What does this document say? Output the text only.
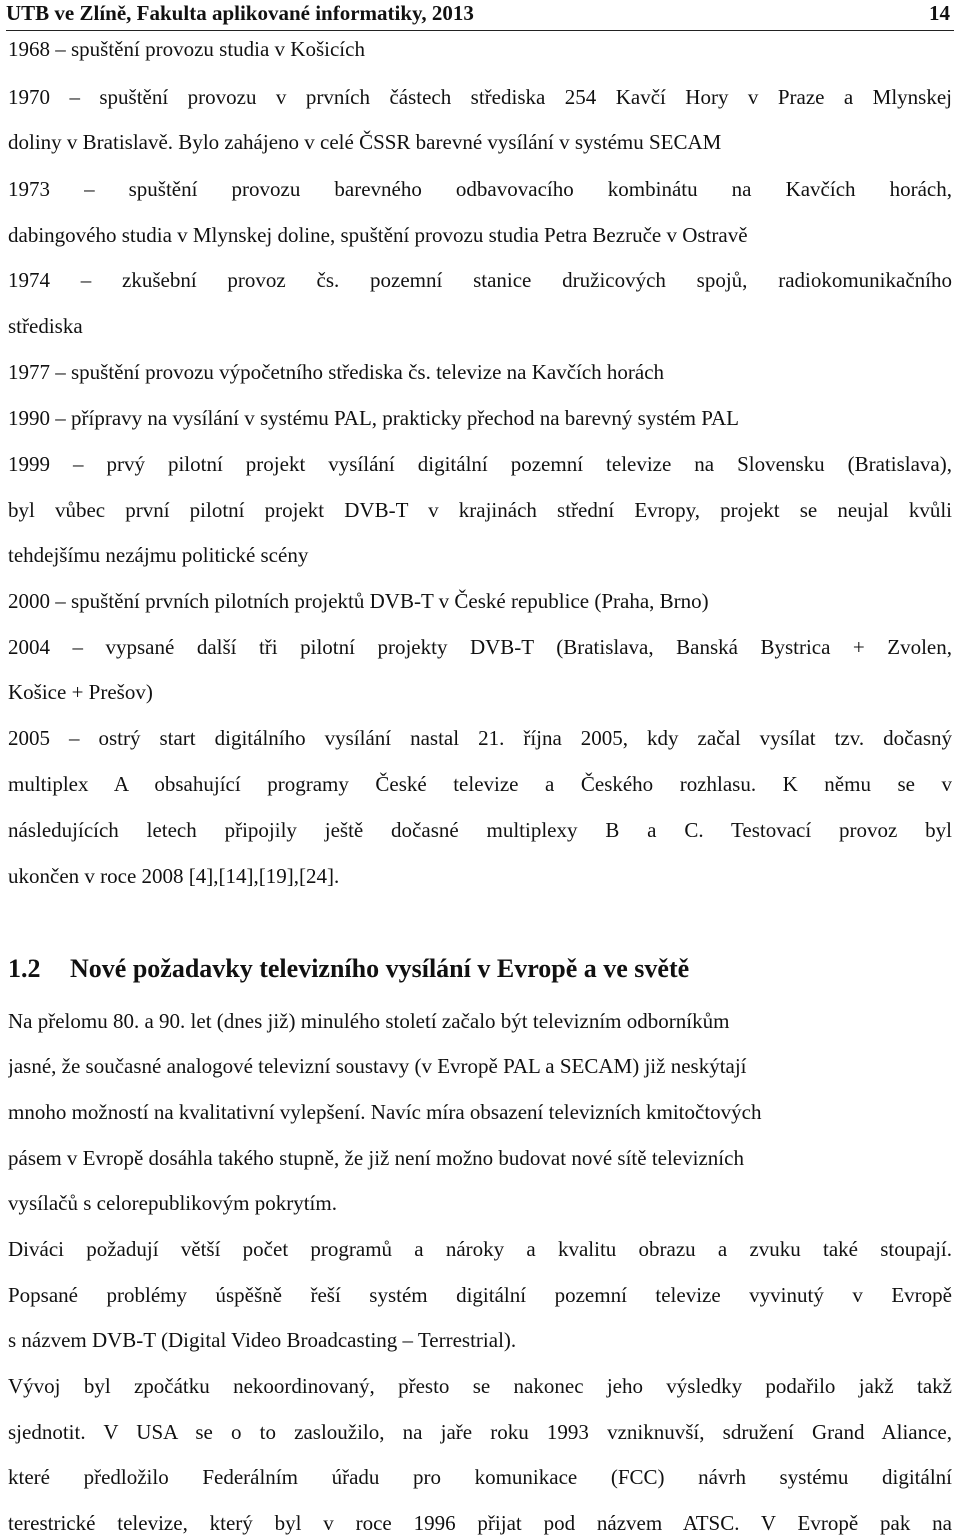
UTB ve Zlíně, Fakulta aplikované informatiky, 2013	14
1968 – spuštění provozu studia v Košicích
1970 – spuštění provozu v prvních částech střediska 254 Kavčí Hory v Praze a Mlynskej
doliny v Bratislavě. Bylo zahájeno v celé ČSSR barevné vysílání v systému SECAM
1973 – spuštění provozu barevného odbavovacího kombinátu na Kavčích horách,
dabingového studia v Mlynskej doline, spuštění provozu studia Petra Bezruče v Ostravě
1974 – zkušební provoz čs. pozemní stanice družicových spojů, radiokomunikačního
střediska
1977 – spuštění provozu výpočetního střediska čs. televize na Kavčích horách
1990 – přípravy na vysílání v systému PAL, prakticky přechod na barevný systém PAL
1999 – prvý pilotní projekt vysílání digitální pozemní televize na Slovensku (Bratislava),
byl vůbec první pilotní projekt DVB-T v krajinách střední Evropy, projekt se neujal kvůli
tehdejšímu nezájmu politické scény
2000 – spuštění prvních pilotních projektů DVB-T v České republice (Praha, Brno)
2004 – vypsané další tři pilotní projekty DVB-T (Bratislava, Banská Bystrica + Zvolen,
Košice + Prešov)
2005 – ostrý start digitálního vysílání nastal 21. října 2005, kdy začal vysílat tzv. dočasný
multiplex A obsahující programy České televize a Českého rozhlasu. K němu se v
následujících letech připojily ještě dočasné multiplexy B a C. Testovací provoz byl
ukončen v roce 2008 [4],[14],[19],[24].
1.2 Nové požadavky televizního vysílání v Evropě a ve světě
Na přelomu 80. a 90. let (dnes již) minulého století začalo být televizním odborníkům
jasné, že současné analogové televizní soustavy (v Evropě PAL a SECAM) již neskýtají
mnoho možností na kvalitativní vylepšení. Navíc míra obsazení televizních kmitočtových
pásem v Evropě dosáhla takého stupně, že již není možno budovat nové sítě televizních
vysílačů s celorepublikovým pokrytím.
Diváci požadují větší počet programů a nároky a kvalitu obrazu a zvuku také stoupají.
Popsané problémy úspěšně řeší systém digitální pozemní televize vyvinutý v Evropě
s názvem DVB-T (Digital Video Broadcasting – Terrestrial).
Vývoj byl zpočátku nekoordinovaný, přesto se nakonec jeho výsledky podařilo jakž takž
sjednotit. V USA se o to zasloužilo, na jaře roku 1993 vzniknuvší, sdružení Grand Aliance,
které předložilo Federálním úřadu pro komunikace (FCC) návrh systému digitální
terestrické televize, který byl v roce 1996 přijat pod názvem ATSC. V Evropě pak na
